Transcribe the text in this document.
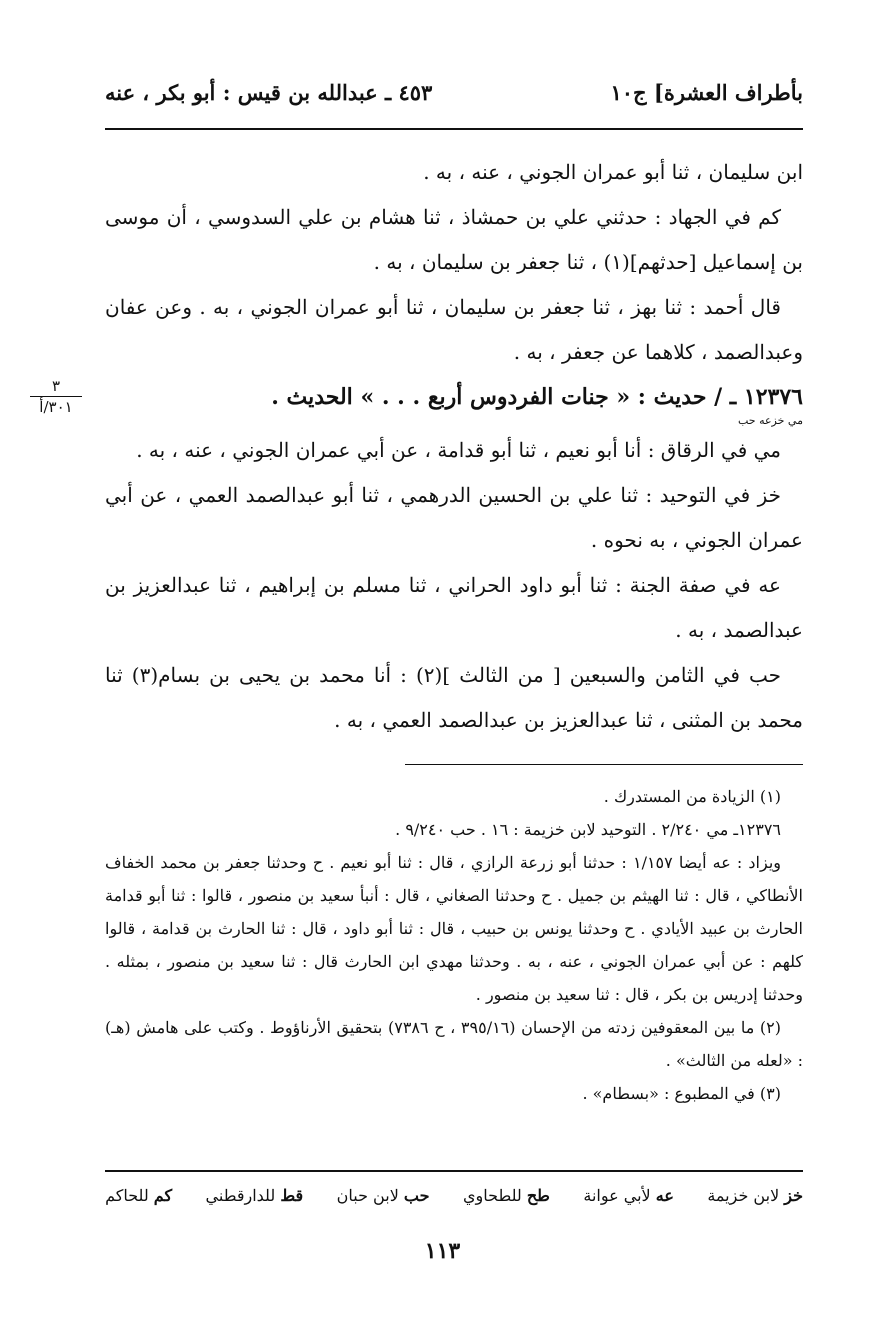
بأطراف العشرة] ج١٠
٤٥٣ ـ عبدالله بن قيس : أبو بكر ، عنه
٣
٣٠١/أ

ابن سليمان ، ثنا أبو عمران الجوني ، عنه ، به .

كم في الجهاد : حدثني علي بن حمشاذ ، ثنا هشام بن علي السدوسي ، أن موسى بن إسماعيل [حدثهم](١) ، ثنا جعفر بن سليمان ، به .

قال أحمد : ثنا بهز ، ثنا جعفر بن سليمان ، ثنا أبو عمران الجوني ، به . وعن عفان وعبدالصمد ، كلاهما عن جعفر ، به .

١٢٣٧٦ ـ / حديث : « جنات الفردوس أربع . . . » الحديث .

مي خزعه حب

مي في الرقاق : أنا أبو نعيم ، ثنا أبو قدامة ، عن أبي عمران الجوني ، عنه ، به .

خز في التوحيد : ثنا علي بن الحسين الدرهمي ، ثنا أبو عبدالصمد العمي ، عن أبي عمران الجوني ، به نحوه .

عه في صفة الجنة : ثنا أبو داود الحراني ، ثنا مسلم بن إبراهيم ، ثنا عبدالعزيز بن عبدالصمد ، به .

حب في الثامن والسبعين [ من الثالث ](٢) : أنا محمد بن يحيى بن بسام(٣) ثنا محمد بن المثنى ، ثنا عبدالعزيز بن عبدالصمد العمي ، به .

(١) الزيادة من المستدرك .

١٢٣٧٦ـ مي ٢/٢٤٠ . التوحيد لابن خزيمة : ١٦ . حب ٩/٢٤٠ .

ويزاد : عه أيضا ١/١٥٧ : حدثنا أبو زرعة الرازي ، قال : ثنا أبو نعيم . ح وحدثنا جعفر بن محمد الخفاف الأنطاكي ، قال : ثنا الهيثم بن جميل . ح وحدثنا الصغاني ، قال : أنبأ سعيد بن منصور ، قالوا : ثنا أبو قدامة الحارث بن عبيد الأيادي . ح وحدثنا يونس بن حبيب ، قال : ثنا أبو داود ، قال : ثنا الحارث بن قدامة ، قالوا كلهم : عن أبي عمران الجوني ، عنه ، به . وحدثنا مهدي ابن الحارث قال : ثنا سعيد بن منصور ، بمثله . وحدثنا إدريس بن بكر ، قال : ثنا سعيد بن منصور .

(٢) ما بين المعقوفين زدته من الإحسان (٣٩٥/١٦ ، ح ٧٣٨٦) بتحقيق الأرناؤوط . وكتب على هامش (هـ) : «لعله من الثالث» .

(٣) في المطبوع : «بسطام» .

خز لابن خزيمة
عه لأبي عوانة
طح للطحاوي
حب لابن حبان
قط للدارقطني
كم للحاكم
١١٣
